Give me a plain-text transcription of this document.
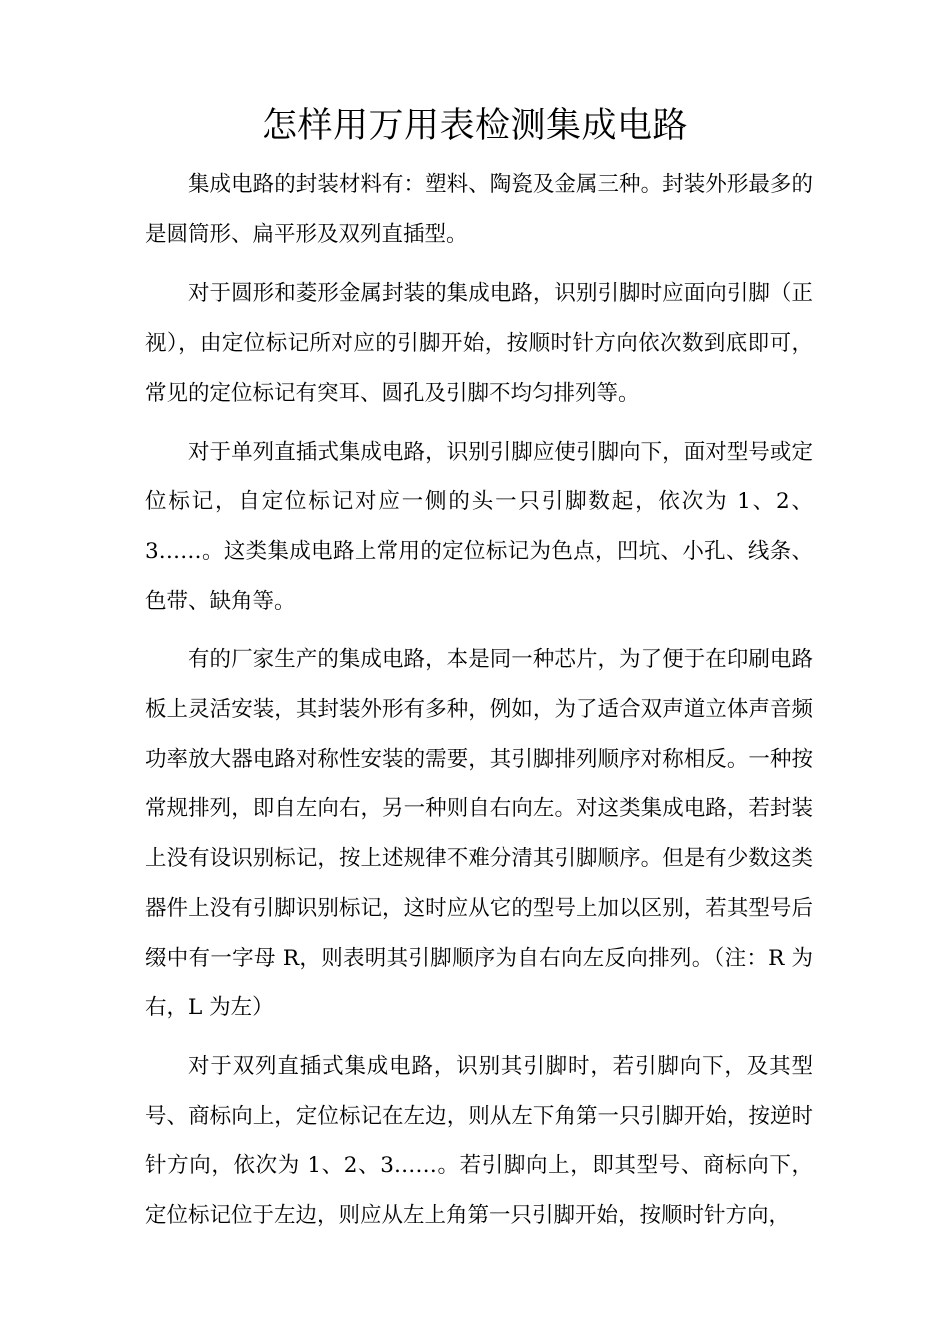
怎样用万用表检测集成电路

集成电路的封装材料有：塑料、陶瓷及金属三种。封装外形最多的是圆筒形、扁平形及双列直插型。

对于圆形和菱形金属封装的集成电路，识别引脚时应面向引脚（正视），由定位标记所对应的引脚开始，按顺时针方向依次数到底即可，常见的定位标记有突耳、圆孔及引脚不均匀排列等。

对于单列直插式集成电路，识别引脚应使引脚向下，面对型号或定位标记，自定位标记对应一侧的头一只引脚数起，依次为 1、2、3……。这类集成电路上常用的定位标记为色点，凹坑、小孔、线条、色带、缺角等。

有的厂家生产的集成电路，本是同一种芯片，为了便于在印刷电路板上灵活安装，其封装外形有多种，例如，为了适合双声道立体声音频功率放大器电路对称性安装的需要，其引脚排列顺序对称相反。一种按常规排列，即自左向右，另一种则自右向左。对这类集成电路，若封装上没有设识别标记，按上述规律不难分清其引脚顺序。但是有少数这类器件上没有引脚识别标记，这时应从它的型号上加以区别，若其型号后缀中有一字母 R，则表明其引脚顺序为自右向左反向排列。（注：R 为右，L 为左）

对于双列直插式集成电路，识别其引脚时，若引脚向下，及其型号、商标向上，定位标记在左边，则从左下角第一只引脚开始，按逆时针方向，依次为 1、2、3……。若引脚向上，即其型号、商标向下，定位标记位于左边，则应从左上角第一只引脚开始，按顺时针方向，
